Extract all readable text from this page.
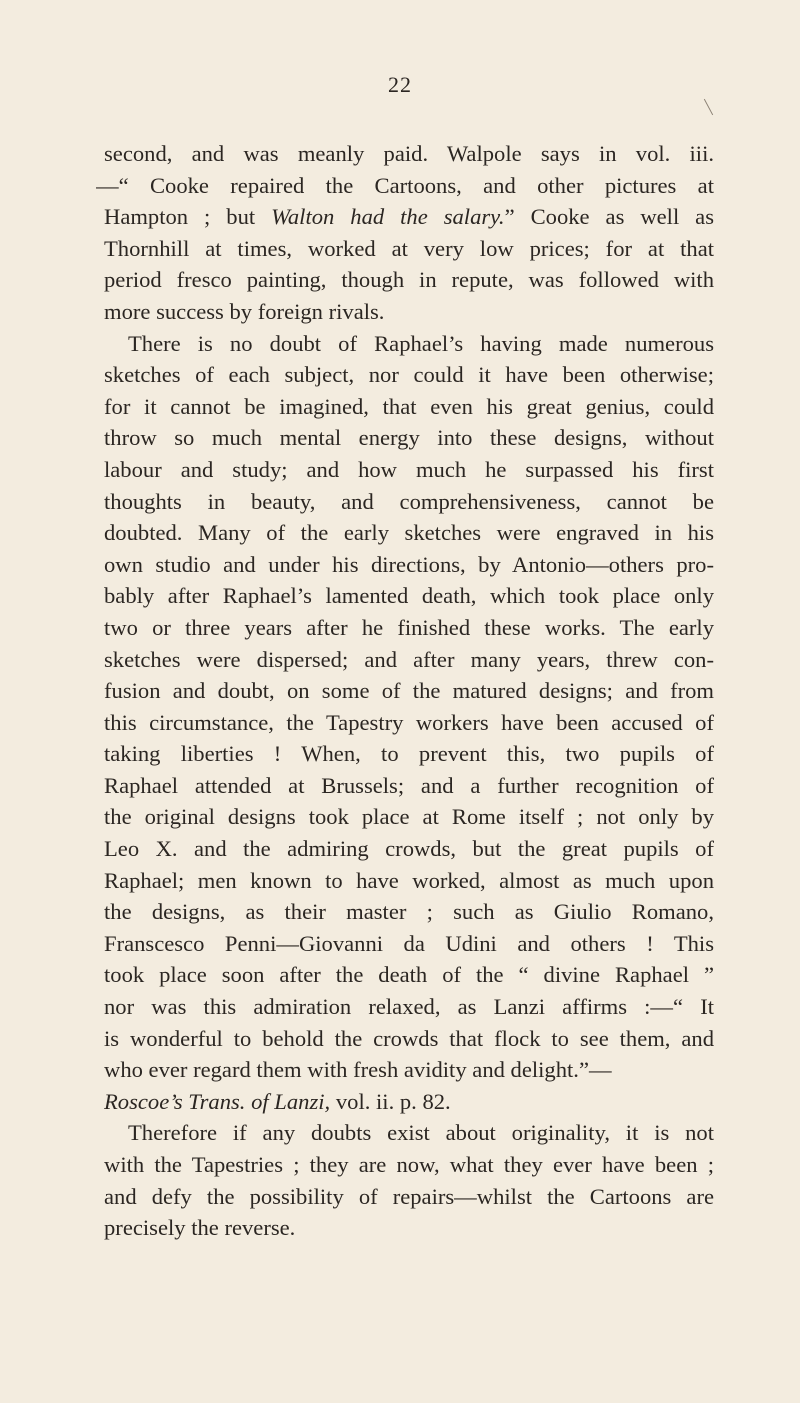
22
second, and was meanly paid. Walpole says in vol. iii.
—“ Cooke repaired the Cartoons, and other pictures at
Hampton ; but Walton had the salary.” Cooke as well as
Thornhill at times, worked at very low prices; for at that
period fresco painting, though in repute, was followed with
more success by foreign rivals.
There is no doubt of Raphael’s having made numerous
sketches of each subject, nor could it have been otherwise;
for it cannot be imagined, that even his great genius, could
throw so much mental energy into these designs, without
labour and study; and how much he surpassed his first
thoughts in beauty, and comprehensiveness, cannot be
doubted. Many of the early sketches were engraved in his
own studio and under his directions, by Antonio—others pro-
bably after Raphael’s lamented death, which took place only
two or three years after he finished these works. The early
sketches were dispersed; and after many years, threw con-
fusion and doubt, on some of the matured designs; and from
this circumstance, the Tapestry workers have been accused of
taking liberties ! When, to prevent this, two pupils of
Raphael attended at Brussels; and a further recognition of
the original designs took place at Rome itself ; not only by
Leo X. and the admiring crowds, but the great pupils of
Raphael; men known to have worked, almost as much upon
the designs, as their master ; such as Giulio Romano,
Franscesco Penni—Giovanni da Udini and others ! This
took place soon after the death of the “ divine Raphael ”
nor was this admiration relaxed, as Lanzi affirms :—“ It
is wonderful to behold the crowds that flock to see them, and
who ever regard them with fresh avidity and delight.”—
Roscoe’s Trans. of Lanzi, vol. ii. p. 82.
Therefore if any doubts exist about originality, it is not
with the Tapestries ; they are now, what they ever have been ;
and defy the possibility of repairs—whilst the Cartoons are
precisely the reverse.
